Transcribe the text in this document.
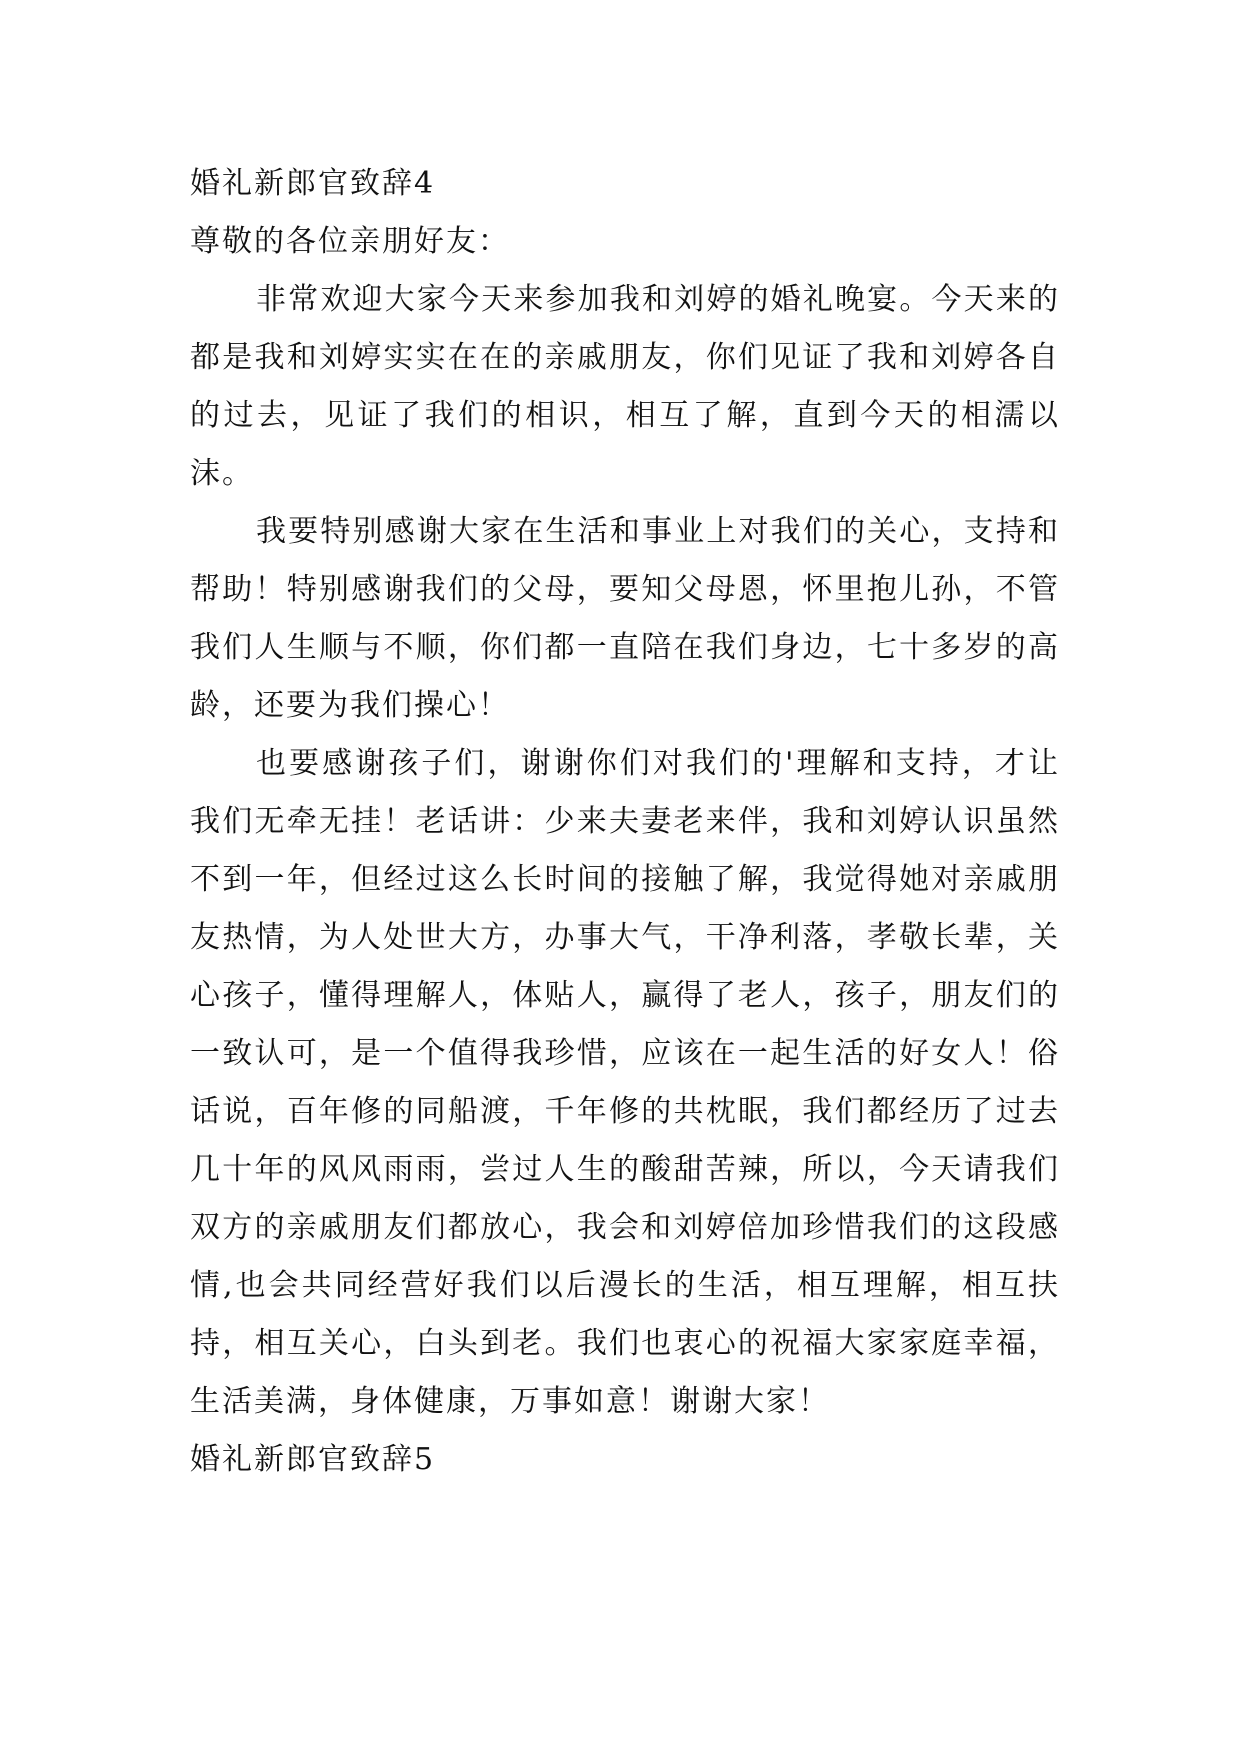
婚礼新郎官致辞4
尊敬的各位亲朋好友：

非常欢迎大家今天来参加我和刘婷的婚礼晚宴。今天来的都是我和刘婷实实在在的亲戚朋友，你们见证了我和刘婷各自的过去，见证了我们的相识，相互了解，直到今天的相濡以沫。

我要特别感谢大家在生活和事业上对我们的关心，支持和帮助！特别感谢我们的父母，要知父母恩，怀里抱儿孙，不管我们人生顺与不顺，你们都一直陪在我们身边，七十多岁的高龄，还要为我们操心！

也要感谢孩子们，谢谢你们对我们的'理解和支持，才让我们无牵无挂！老话讲：少来夫妻老来伴，我和刘婷认识虽然不到一年，但经过这么长时间的接触了解，我觉得她对亲戚朋友热情，为人处世大方，办事大气，干净利落，孝敬长辈，关心孩子，懂得理解人，体贴人，赢得了老人，孩子，朋友们的一致认可，是一个值得我珍惜，应该在一起生活的好女人！俗话说，百年修的同船渡，千年修的共枕眠，我们都经历了过去几十年的风风雨雨，尝过人生的酸甜苦辣，所以，今天请我们双方的亲戚朋友们都放心，我会和刘婷倍加珍惜我们的这段感情,也会共同经营好我们以后漫长的生活，相互理解，相互扶持，相互关心，白头到老。我们也衷心的祝福大家家庭幸福，生活美满，身体健康，万事如意！谢谢大家！

婚礼新郎官致辞5
